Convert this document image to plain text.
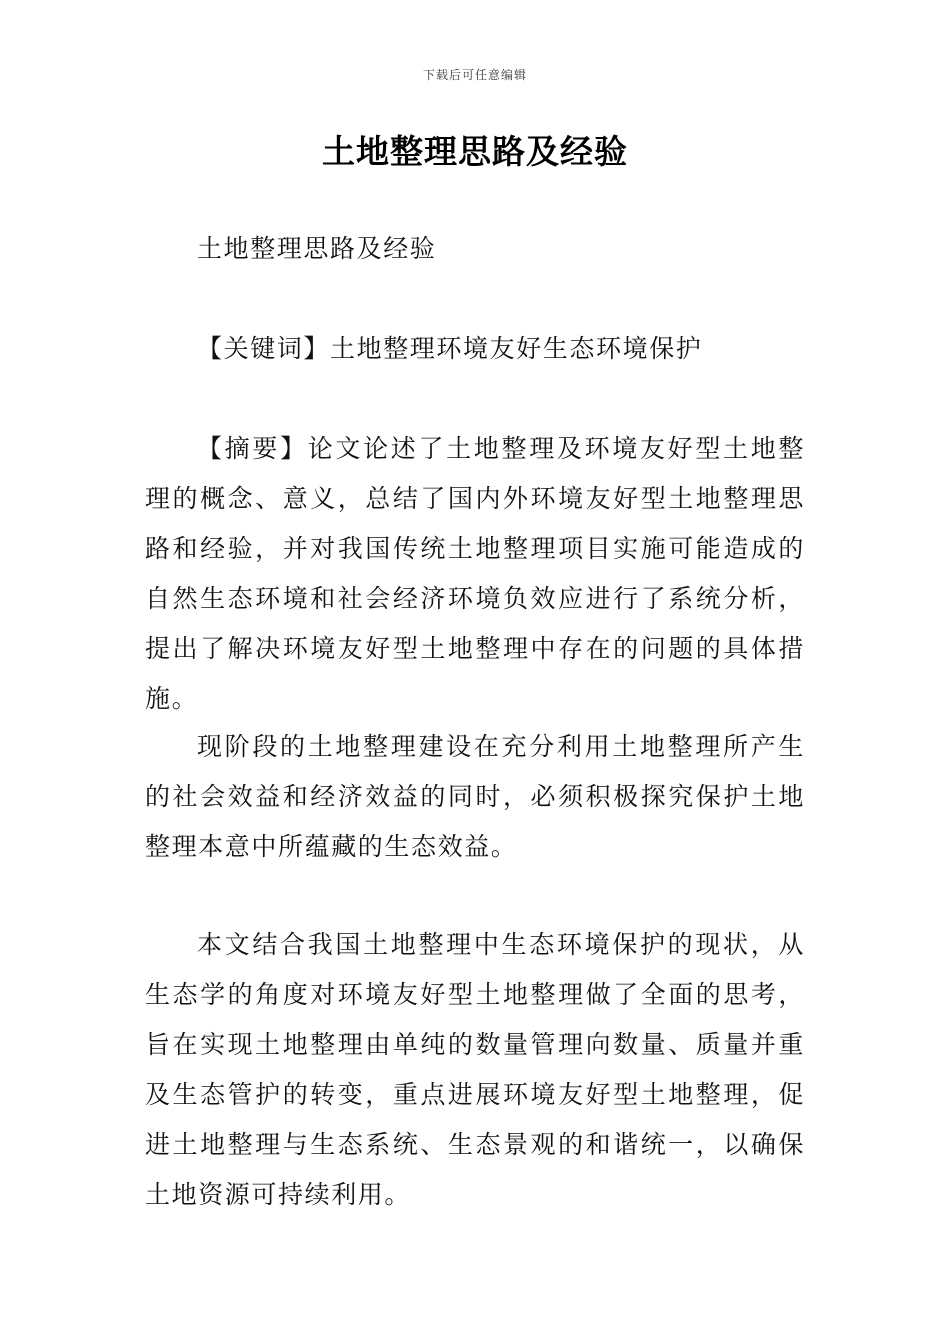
下载后可任意编辑
土地整理思路及经验

土地整理思路及经验

【关键词】土地整理环境友好生态环境保护

【摘要】论文论述了土地整理及环境友好型土地整理的概念、意义，总结了国内外环境友好型土地整理思路和经验，并对我国传统土地整理项目实施可能造成的自然生态环境和社会经济环境负效应进行了系统分析，提出了解决环境友好型土地整理中存在的问题的具体措施。

现阶段的土地整理建设在充分利用土地整理所产生的社会效益和经济效益的同时，必须积极探究保护土地整理本意中所蕴藏的生态效益。

本文结合我国土地整理中生态环境保护的现状，从生态学的角度对环境友好型土地整理做了全面的思考，旨在实现土地整理由单纯的数量管理向数量、质量并重及生态管护的转变，重点进展环境友好型土地整理，促进土地整理与生态系统、生态景观的和谐统一，以确保土地资源可持续利用。
